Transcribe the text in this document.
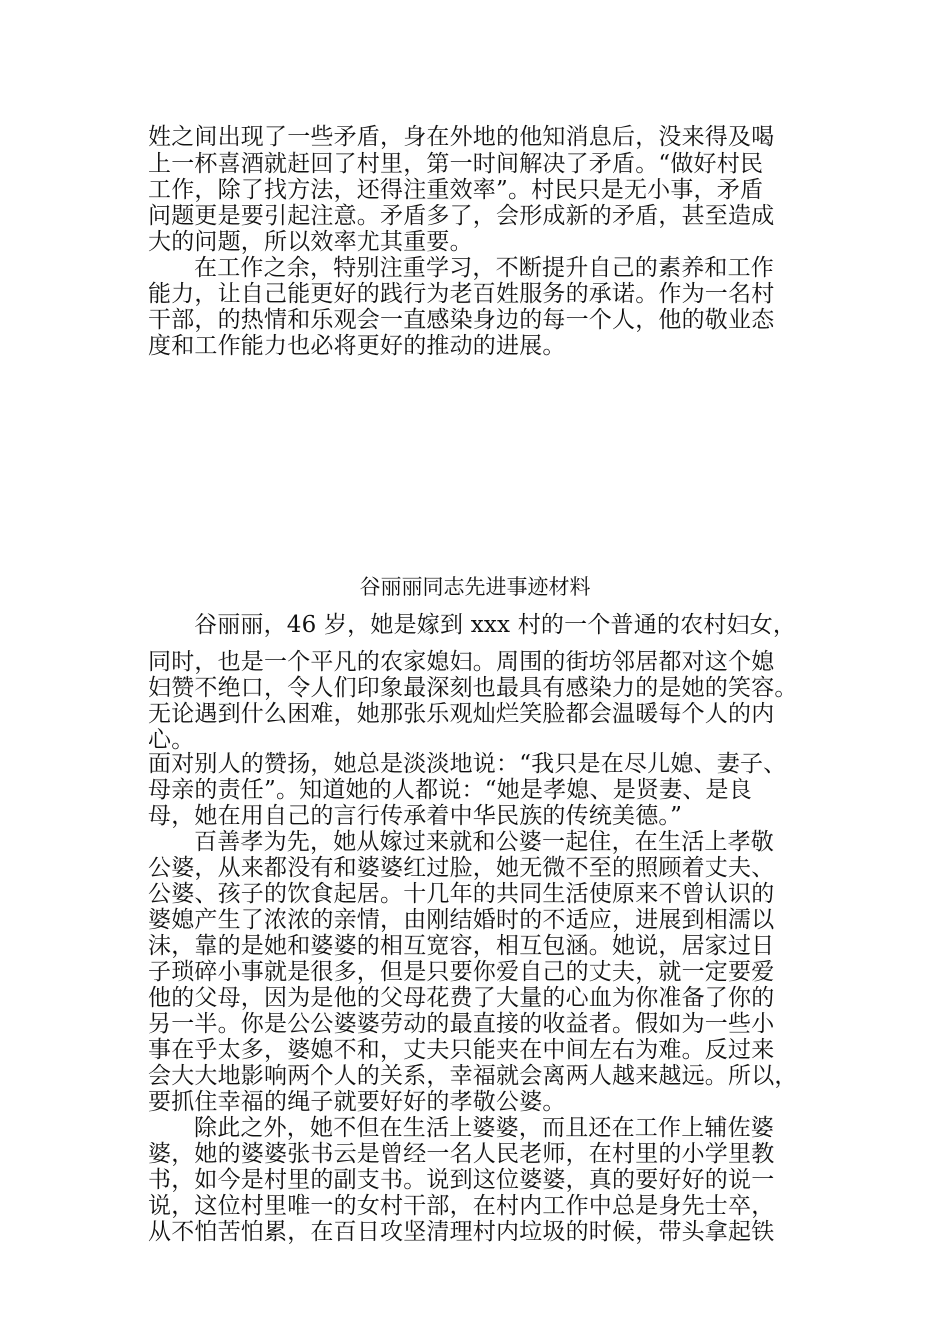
姓之间出现了一些矛盾，身在外地的他知消息后，没来得及喝
上一杯喜酒就赶回了村里，第一时间解决了矛盾。“做好村民
工作，除了找方法，还得注重效率”。村民只是无小事，矛盾
问题更是要引起注意。矛盾多了，会形成新的矛盾，甚至造成
大的问题，所以效率尤其重要。
在工作之余，特别注重学习，不断提升自己的素养和工作
能力，让自己能更好的践行为老百姓服务的承诺。作为一名村
干部，的热情和乐观会一直感染身边的每一个人，他的敬业态
度和工作能力也必将更好的推动的进展。
谷丽丽同志先进事迹材料
谷丽丽，46 岁，她是嫁到 xxx 村的一个普通的农村妇女，
同时，也是一个平凡的农家媳妇。周围的街坊邻居都对这个媳
妇赞不绝口，令人们印象最深刻也最具有感染力的是她的笑容。
无论遇到什么困难，她那张乐观灿烂笑脸都会温暖每个人的内
心。
面对别人的赞扬，她总是淡淡地说：“我只是在尽儿媳、妻子、
母亲的责任”。知道她的人都说：“她是孝媳、是贤妻、是良
母，她在用自己的言行传承着中华民族的传统美德。”
百善孝为先，她从嫁过来就和公婆一起住，在生活上孝敬
公婆，从来都没有和婆婆红过脸，她无微不至的照顾着丈夫、
公婆、孩子的饮食起居。十几年的共同生活使原来不曾认识的
婆媳产生了浓浓的亲情，由刚结婚时的不适应，进展到相濡以
沫，靠的是她和婆婆的相互宽容，相互包涵。她说，居家过日
子琐碎小事就是很多，但是只要你爱自己的丈夫，就一定要爱
他的父母，因为是他的父母花费了大量的心血为你准备了你的
另一半。你是公公婆婆劳动的最直接的收益者。假如为一些小
事在乎太多，婆媳不和，丈夫只能夹在中间左右为难。反过来
会大大地影响两个人的关系，幸福就会离两人越来越远。所以，
要抓住幸福的绳子就要好好的孝敬公婆。
除此之外，她不但在生活上婆婆，而且还在工作上辅佐婆
婆，她的婆婆张书云是曾经一名人民老师，在村里的小学里教
书，如今是村里的副支书。说到这位婆婆，真的要好好的说一
说，这位村里唯一的女村干部，在村内工作中总是身先士卒，
从不怕苦怕累，在百日攻坚清理村内垃圾的时候，带头拿起铁
